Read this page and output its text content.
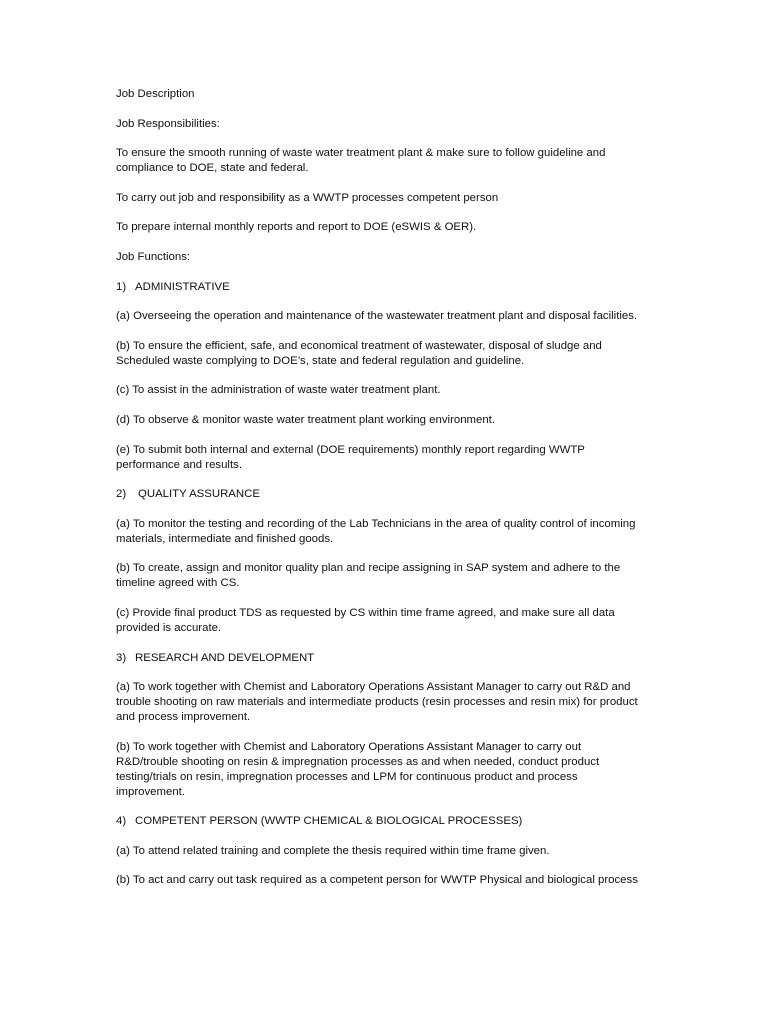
Job Description

Job Responsibilities:

To ensure the smooth running of waste water treatment plant & make sure to follow guideline and compliance to DOE, state and federal.

To carry out job and responsibility as a WWTP processes competent person

To prepare internal monthly reports and report to DOE (eSWIS & OER).

Job Functions:

1) ADMINISTRATIVE

(a) Overseeing the operation and maintenance of the wastewater treatment plant and disposal facilities.

(b) To ensure the efficient, safe, and economical treatment of wastewater, disposal of sludge and Scheduled waste complying to DOE’s, state and federal regulation and guideline.

(c) To assist in the administration of waste water treatment plant.

(d) To observe & monitor waste water treatment plant working environment.

(e) To submit both internal and external (DOE requirements) monthly report regarding WWTP performance and results.

2) QUALITY ASSURANCE

(a) To monitor the testing and recording of the Lab Technicians in the area of quality control of incoming materials, intermediate and finished goods.

(b) To create, assign and monitor quality plan and recipe assigning in SAP system and adhere to the timeline agreed with CS.

(c) Provide final product TDS as requested by CS within time frame agreed, and make sure all data provided is accurate.

3) RESEARCH AND DEVELOPMENT

(a) To work together with Chemist and Laboratory Operations Assistant Manager to carry out R&D and trouble shooting on raw materials and intermediate products (resin processes and resin mix) for product and process improvement.

(b) To work together with Chemist and Laboratory Operations Assistant Manager to carry out R&D/trouble shooting on resin & impregnation processes as and when needed, conduct product testing/trials on resin, impregnation processes and LPM for continuous product and process improvement.

4) COMPETENT PERSON (WWTP CHEMICAL & BIOLOGICAL PROCESSES)

(a) To attend related training and complete the thesis required within time frame given.

(b) To act and carry out task required as a competent person for WWTP Physical and biological process
